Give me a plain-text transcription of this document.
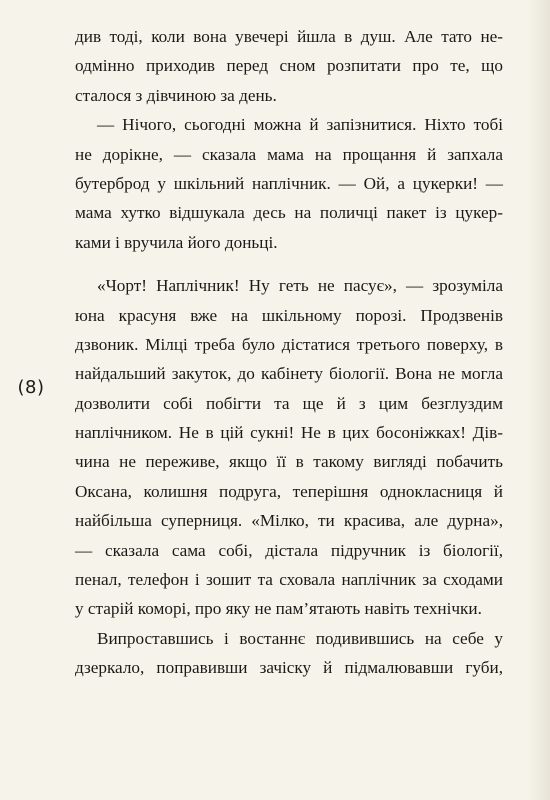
(8)
див тоді, коли вона увечері йшла в душ. Але тато не-
одмінно приходив перед сном розпитати про те, що
сталося з дівчиною за день.
— Нічого, сьогодні можна й запізнитися. Ніхто тобі
не дорікне, — сказала мама на прощання й запхала
бутерброд у шкільний наплічник. — Ой, а цукерки! —
мама хутко відшукала десь на поличці пакет із цукер-
ками і вручила його доньці.
«Чорт! Наплічник! Ну геть не пасує», — зрозуміла
юна красуня вже на шкільному порозі. Продзвенів
дзвоник. Мілці треба було дістатися третього поверху, в
найдальший закуток, до кабінету біології. Вона не могла
дозволити собі побігти та ще й з цим безглуздим
наплічником. Не в цій сукні! Не в цих босоніжках! Дів-
чина не переживе, якщо її в такому вигляді побачить
Оксана, колишня подруга, теперішня однокласниця й
найбільша суперниця. «Мілко, ти красива, але дурна»,
— сказала сама собі, дістала підручник із біології,
пенал, телефон і зошит та сховала наплічник за сходами
у старій коморі, про яку не пам’ятають навіть технічки.
Випроставшись і востаннє подивившись на себе у
дзеркало, поправивши зачіску й підмалювавши губи,
